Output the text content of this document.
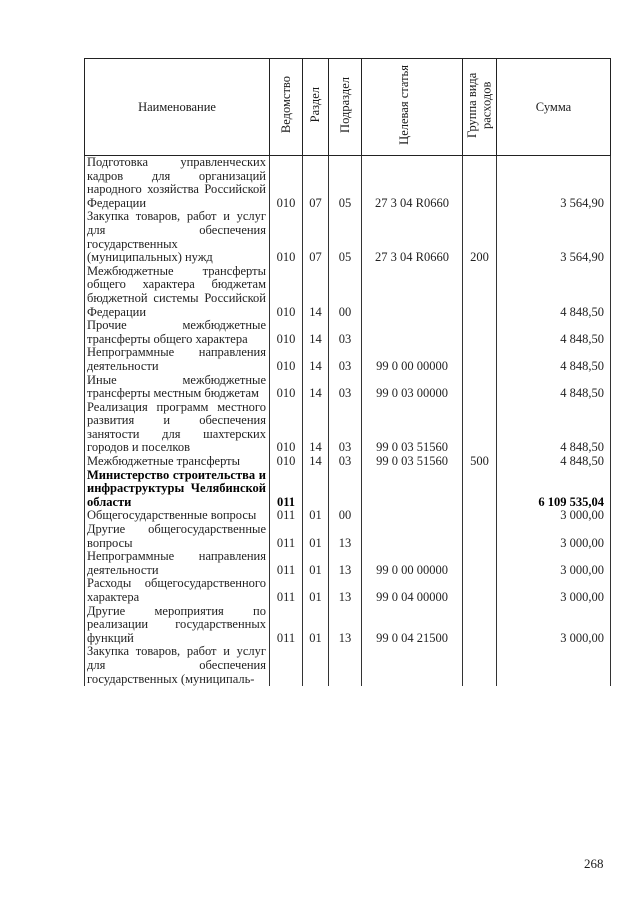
Наименование	Ведомство	Раздел	Подраздел	Целевая статья	Группа вида расходов	Сумма
Подготовка управленческих кадров для организаций народного хозяйства Российской Федерации	010	07	05	27 3 04 R0660		3 564,90
Закупка товаров, работ и услуг для обеспечения государственных (муниципальных) нужд	010	07	05	27 3 04 R0660	200	3 564,90
Межбюджетные трансферты общего характера бюджетам бюджетной системы Российской Федерации	010	14	00			4 848,50
Прочие межбюджетные трансферты общего характера	010	14	03			4 848,50
Непрограммные направления деятельности	010	14	03	99 0 00 00000		4 848,50
Иные межбюджетные трансферты местным бюджетам	010	14	03	99 0 03 00000		4 848,50
Реализация программ местного развития и обеспечения занятости для шахтерских городов и поселков	010	14	03	99 0 03 51560		4 848,50
Межбюджетные трансферты	010	14	03	99 0 03 51560	500	4 848,50
Министерство строительства и инфраструктуры Челябинской области	011					6 109 535,04
Общегосударственные вопросы	011	01	00			3 000,00
Другие общегосударственные вопросы	011	01	13			3 000,00
Непрограммные направления деятельности	011	01	13	99 0 00 00000		3 000,00
Расходы общегосударственного характера	011	01	13	99 0 04 00000		3 000,00
Другие мероприятия по реализации государственных функций	011	01	13	99 0 04 21500		3 000,00
Закупка товаров, работ и услуг для обеспечения государственных (муниципаль-						
268
